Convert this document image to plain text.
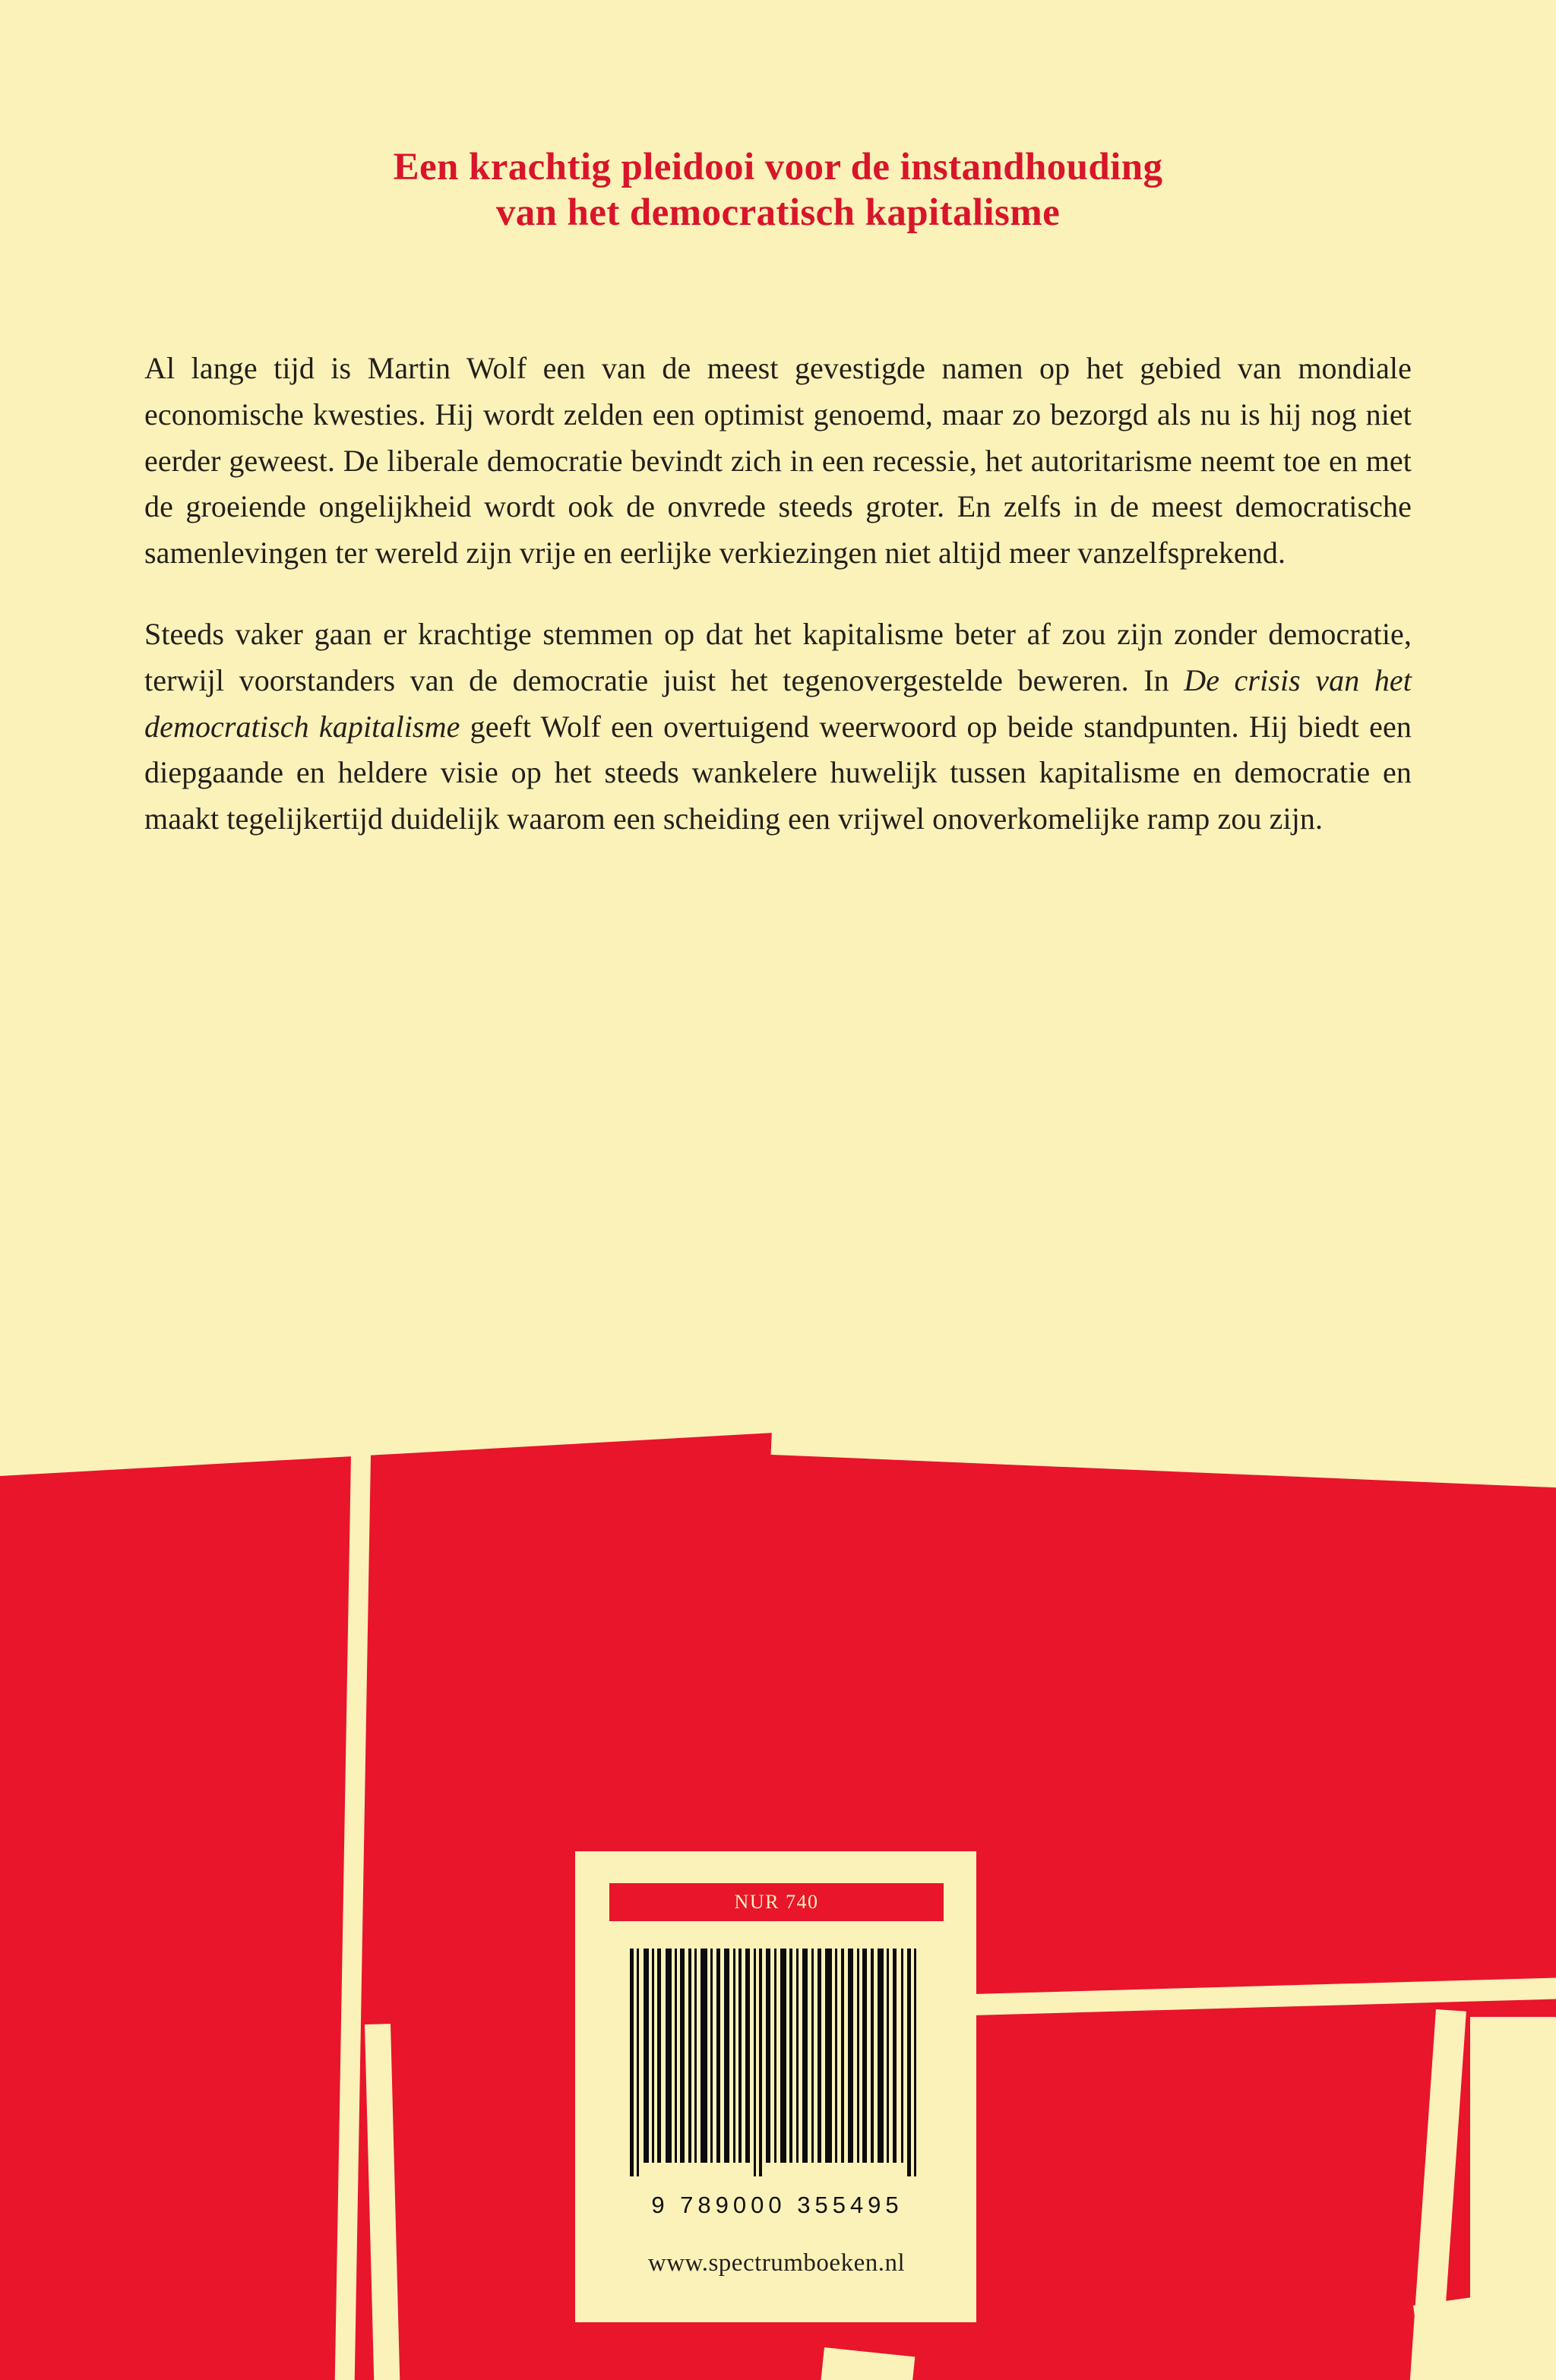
Een krachtig pleidooi voor de instandhouding
van het democratisch kapitalisme

Al lange tijd is Martin Wolf een van de meest gevestigde namen op het gebied van mondiale economische kwesties. Hij wordt zelden een optimist genoemd, maar zo bezorgd als nu is hij nog niet eerder geweest. De liberale democratie bevindt zich in een recessie, het autoritarisme neemt toe en met de groeiende ongelijkheid wordt ook de onvrede steeds groter. En zelfs in de meest democratische samenlevingen ter wereld zijn vrije en eerlijke verkiezingen niet altijd meer vanzelfsprekend.

Steeds vaker gaan er krachtige stemmen op dat het kapitalisme beter af zou zijn zonder democratie, terwijl voorstanders van de democratie juist het tegenovergestelde beweren. In De crisis van het democratisch kapitalisme geeft Wolf een overtuigend weerwoord op beide standpunten. Hij biedt een diepgaande en heldere visie op het steeds wankelere huwelijk tussen kapitalisme en democratie en maakt tegelijkertijd duidelijk waarom een scheiding een vrijwel onoverkomelijke ramp zou zijn.

NUR 740
9 789000 355495
www.spectrumboeken.nl
